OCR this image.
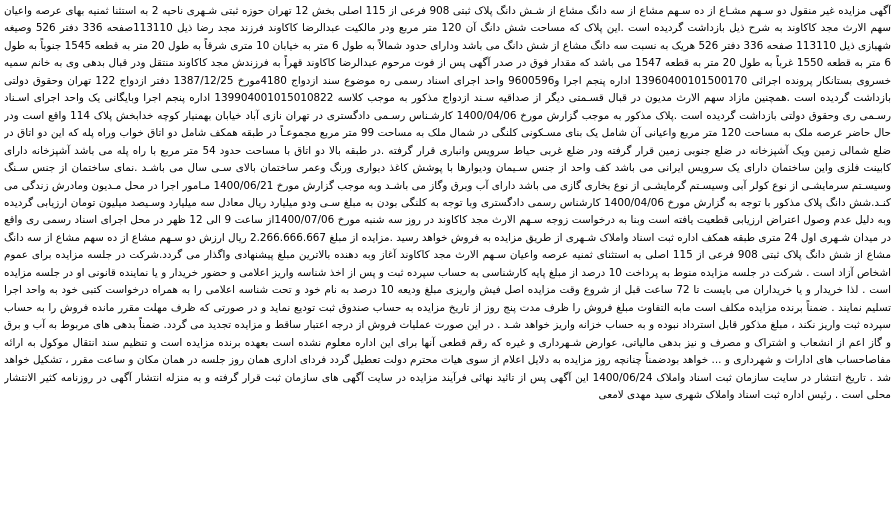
آگهی مزایده غیر منقول دو سـهم مشـاع از ده سـهم مشاع از سه دانگ مشاع از شـش دانگ پلاک ثبتی 908 فرعی از 115 اصلی بخش 12 تهران حوزه ثبتی شـهری ناحیه 2 به استثنا ثمنیه بهای عرصه واعیان سهم الارث مجد کاکاوند به شرح ذیل بازداشت گردیده است .این پلاک که مساحت شش دانگ آن 120 متر مربع ودر مالکیت عبدالرضا کاکاوند فرزند مجد رضا ذیل 113110صفحه 336 دفتر 526 وصیغه شهبازی ذیل 113110 صفحه 336 دفتر 526 هریک به نسبت سه دانگ مشاع از شش دانگ می باشد ودارای حدود شمالاً به طول 6 متر به خیابان 10 متری شرقاً به طول 20 متر به قطعه 1545 جنوباً به طول 6 متر به قطعه 1550 غرباً به طول 20 متر به قطعه 1547 می باشد که مقدار فوق در صدر آگهی پس از فوت مرحوم عبدالرضا کاکاوند قهراً به فرزندش مجد کاکاوند منتقل ودر قبال بدهی وی به خانم سمیه خسروی بستانکار پرونده اجرائی 13960400101500170 اداره پنجم اجرا و9600596 واحد اجرای اسناد رسمی ره موضوع سند ازدواج 4180مورخ 1387/12/25 دفتر ازدواج 122 تهران وحقوق دولتی بازداشت گردیده است .همچنین مازاد سهم الارث مدیون در قبال قسـمتی دیگر از صداقیه سـند ازدواج مذکور به موجب کلاسه 139904001015010822 اداره پنجم اجرا وبایگانی یک واحد اجرای اسـناد رسـمی ری وحقوق دولتی بازداشت گردیده است .پلاک مذکور به موجب گزارش مورخ 1400/04/06 کارشـناس رسـمی دادگستری در تهران نازی آباد خیابان بهمنیار کوچه خدابخش پلاک 114 واقع است ودر حال حاضر عرصه ملک به مساحت 120 متر مربع واعیانی آن شامل یک بنای مسـکونی کلنگی در شمال ملک به مساحت 99 متر مربع مجموعـاً در طبقه همکف شامل دو اتاق خواب وراه پله که این دو اتاق در ضلع شمالی زمین ویک آشپزخانه در ضلع جنوبی زمین قرار گرفته ودر ضلع غربی حیاط سرویس وانباری قرار گرفته .در طبقه بالا دو اتاق با مساحت حدود 54 متر مربع با راه پله می باشد آشپزخانه دارای کابینت فلزی واین ساختمان دارای یک سرویس ایرانی می باشد کف واحد از جنس سـیمان ودیوارها با پوشش کاغذ دیواری ورنگ وعمر ساختمان بالای سـی سال می باشـد .نمای ساختمان از جنس سـنگ وسیسـتم سرمایشـی از نوع کولر آبی وسیسـتم گرمایشـی از نوع بخاری گازی می باشد دارای آب وبرق وگاز می باشـد وبه موجب گزارش مورخ 1400/06/21 مـامور اجرا در محل مـدیون ومادرش زندگی می کنـد.شش دانگ پلاک مذکور با توجه به گزارش مورخ 1400/04/06 کارشناس رسمی دادگستری وبا توجه به کلنگی بودن به مبلغ سـی ودو میلیارد ریال معادل سه میلیارد وسـیصد میلیون تومان ارزیابی گردیده وبه دلیل عدم وصول اعتراض ارزیابی قطعیت یافته است وبنا به درخواست زوجه سـهم الارث مجد کاکاوند در روز سه شنبه مورخ 1400/07/06از ساعت 9 الی 12 ظهر در محل اجرای اسناد رسمی ری واقع در میدان شـهری اول 24 متری طبقه همکف اداره ثبت اسناد واملاک شـهری از طریق مزایده به فروش خواهد رسید .مزایده از مبلغ 2.266.666.667 ریال ارزش دو سـهم مشاع از ده سهم مشاع از سه دانگ مشاع از شش دانگ پلاک ثبتی 908 فرعی از 115 اصلی به استثنای ثمنیه عرصه واعیان سـهم الارث مجد کاکاوند آغاز وبه دهنده بالاترین مبلغ پیشنهادی واگذار می گردد.شرکت در جلسه مزایده برای عموم اشخاص آزاد است . شرکت در جلسه مزایده منوط به پرداخت 10 درصد از مبلغ پایه کارشناسی به حساب سپرده ثبت و پس از اخذ شناسه واریز اعلامی و حضور خریدار و یا نماینده قانونی او در جلسه مزایده است . لذا خریدار و یا خریداران می بایست تا 72 ساعت قبل از شروع وقت مزایده اصل فیش واریزی مبلغ ودیعه 10 درصد به نام خود و تحت شناسه اعلامی را به همراه درخواست کتبی خود به واحد اجرا تسلیم نمایند . ضمناً برنده مزایده مکلف است مابه التفاوت مبلغ فروش را ظرف مدت پنج روز از تاریخ مزایده به حساب صندوق ثبت تودیع نماید و در صورتی که ظرف مهلت مقرر مانده فروش را به حساب سپرده ثبت واریز نکند ، مبلغ مذکور قابل استرداد نبوده و به حساب خزانه واریز خواهد شـد . در این صورت عملیات فروش از درجه اعتبار ساقط و مزایده تجدید می گردد. ضمناً بدهی های مربوط به آب و برق و گاز اعم از انشعاب و اشتراک و مصرف و نیز بدهی مالیاتی، عوارض شـهرداری و غیره که رقم قطعی آنها برای این اداره معلوم نشده است بعهده برنده مزایده است و تنظیم سند انتقال موکول به ارائه مفاصاحساب های ادارات و شهرداری و ... خواهد بودضمناً چنانچه روز مزایده به دلایل اعلام از سوی هیات محترم دولت تعطیل گردد فردای اداری همان روز جلسه در همان مکان و ساعت مقرر ، تشکیل خواهد شد . تاریخ انتشار در سایت سازمان ثبت اسناد واملاک 1400/06/24 این آگهی پس از تائید نهائی فرآیند مزایده در سایت آگهی های سازمان ثبت قرار گرفته و به منزله انتشار آگهی در روزنامه کثیر الانتشار محلی است . رئیس اداره ثبت اسناد واملاک شهری سید مهدی لامعی
